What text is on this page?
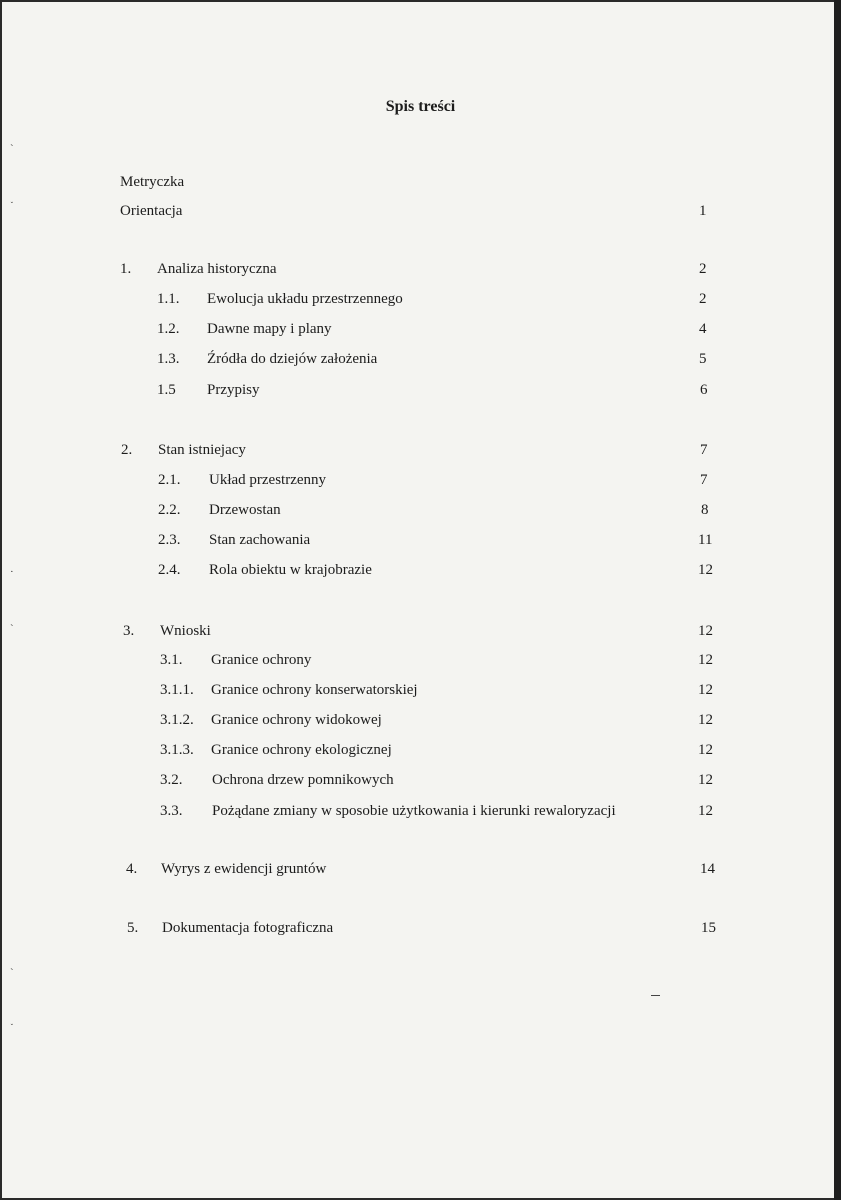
˴
˯
·
˴
˴
˯
Spis treści
Metryczka
Orientacja	1
1. Analiza historyczna	2
1.1. Ewolucja układu przestrzennego	2
1.2. Dawne mapy i plany	4
1.3. Źródła do dziejów założenia	5
1.5 Przypisy	6
2. Stan istniejacy	7
2.1. Układ przestrzenny	7
2.2. Drzewostan	8
2.3. Stan zachowania	11
2.4. Rola obiektu w krajobrazie	12
3. Wnioski	12
3.1. Granice ochrony	12
3.1.1. Granice ochrony konserwatorskiej	12
3.1.2. Granice ochrony widokowej	12
3.1.3. Granice ochrony ekologicznej	12
3.2. Ochrona drzew pomnikowych	12
3.3. Pożądane zmiany w sposobie użytkowania i kierunki rewaloryzacji	12
4. Wyrys z ewidencji gruntów	14
5. Dokumentacja fotograficzna	15
